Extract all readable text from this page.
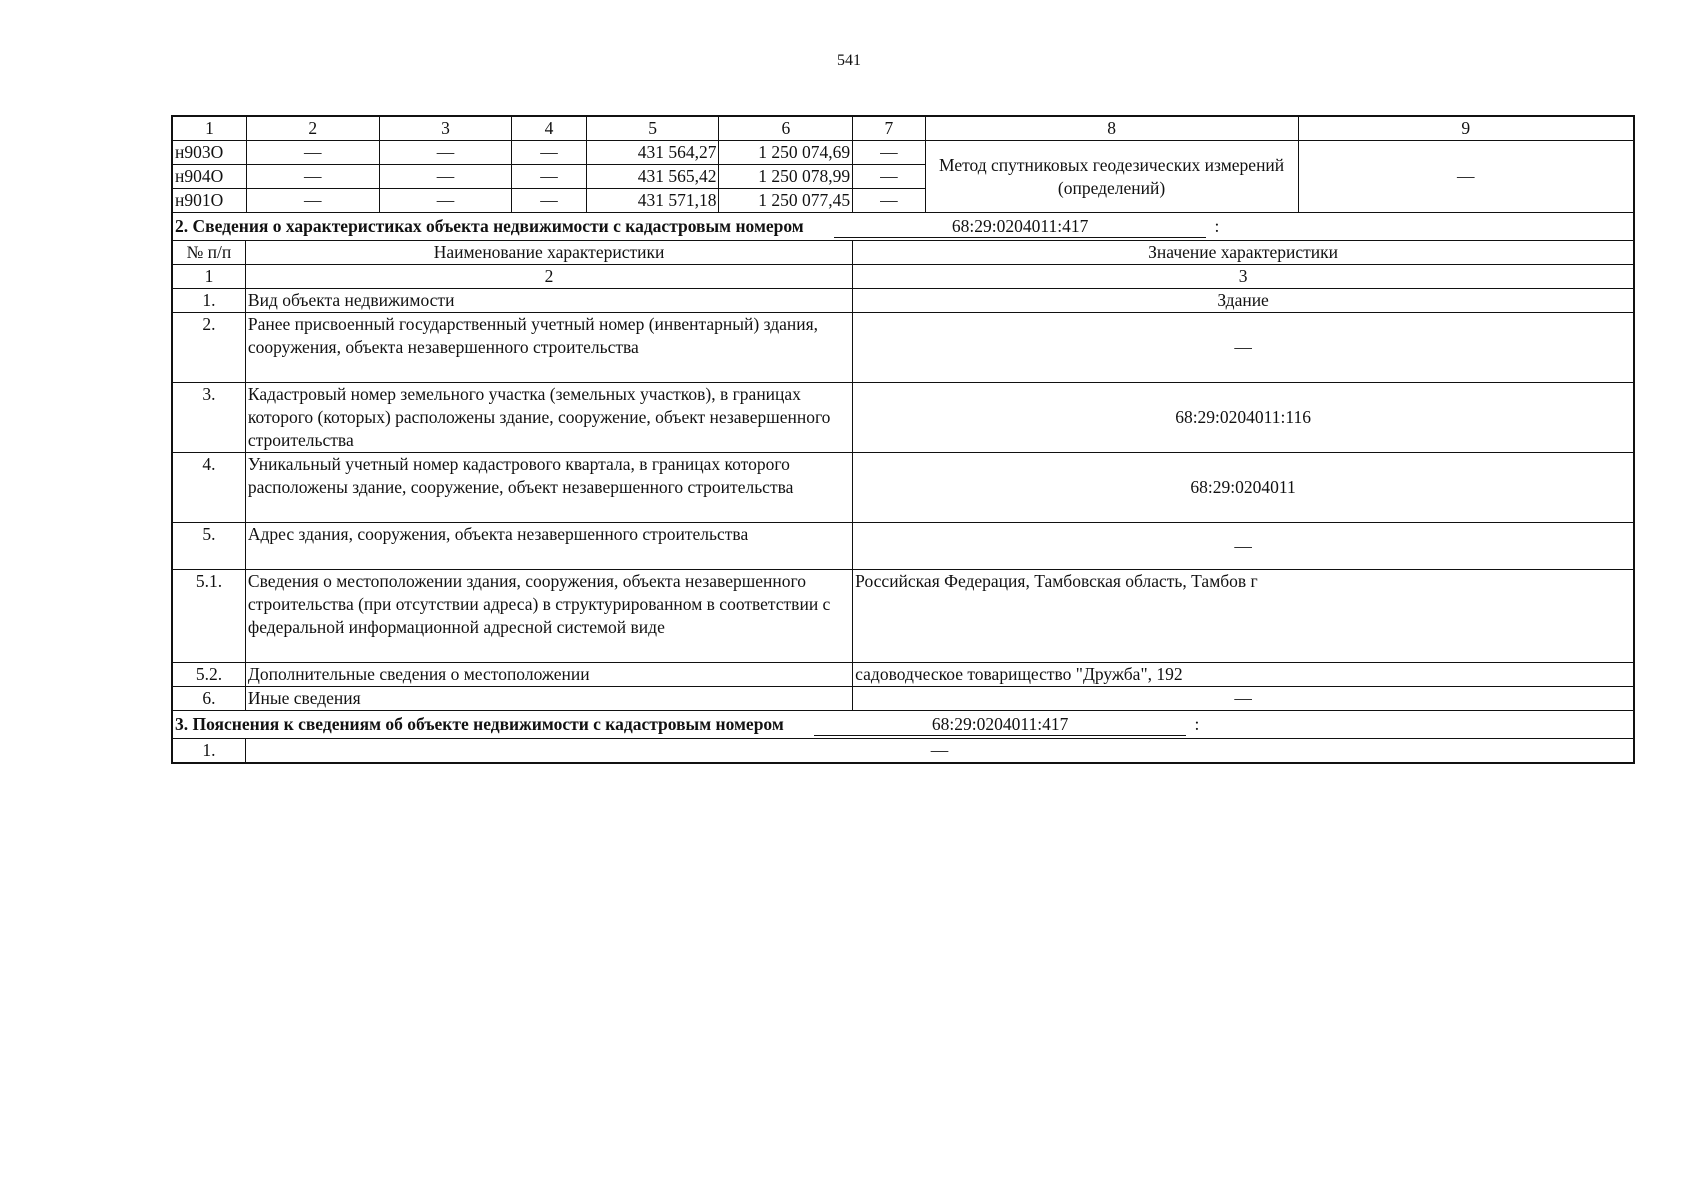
541
1	2	3	4	5	6	7	8	9
н903О	—	—	—	431 564,27	1 250 074,69	—	Метод спутниковых геодезических измерений (определений)	—
н904О	—	—	—	431 565,42	1 250 078,99	—		
н901О	—	—	—	431 571,18	1 250 077,45	—		
2. Сведения о характеристиках объекта недвижимости с кадастровым номером 68:29:0204011:417 :								
№ п/п	Наименование характеристики					Значение характеристики		
1	2					3		
1.	Вид объекта недвижимости					Здание		
2.	Ранее присвоенный государственный учетный номер (инвентарный) здания, сооружения, объекта незавершенного строительства					—		
3.	Кадастровый номер земельного участка (земельных участков), в границах которого (которых) расположены здание, сооружение, объект незавершенного строительства					68:29:0204011:116		
4.	Уникальный учетный номер кадастрового квартала, в границах которого расположены здание, сооружение, объект незавершенного строительства					68:29:0204011		
5.	Адрес здания, сооружения, объекта незавершенного строительства					—		
5.1.	Сведения о местоположении здания, сооружения, объекта незавершенного строительства (при отсутствии адреса) в структурированном в соответствии с федеральной информационной адресной системой виде					Российская Федерация, Тамбовская область, Тамбов г		
5.2.	Дополнительные сведения о местоположении					садоводческое товарищество "Дружба", 192		
6.	Иные сведения					—		
3. Пояснения к сведениям об объекте недвижимости с кадастровым номером 68:29:0204011:417 :								
1.	—							
